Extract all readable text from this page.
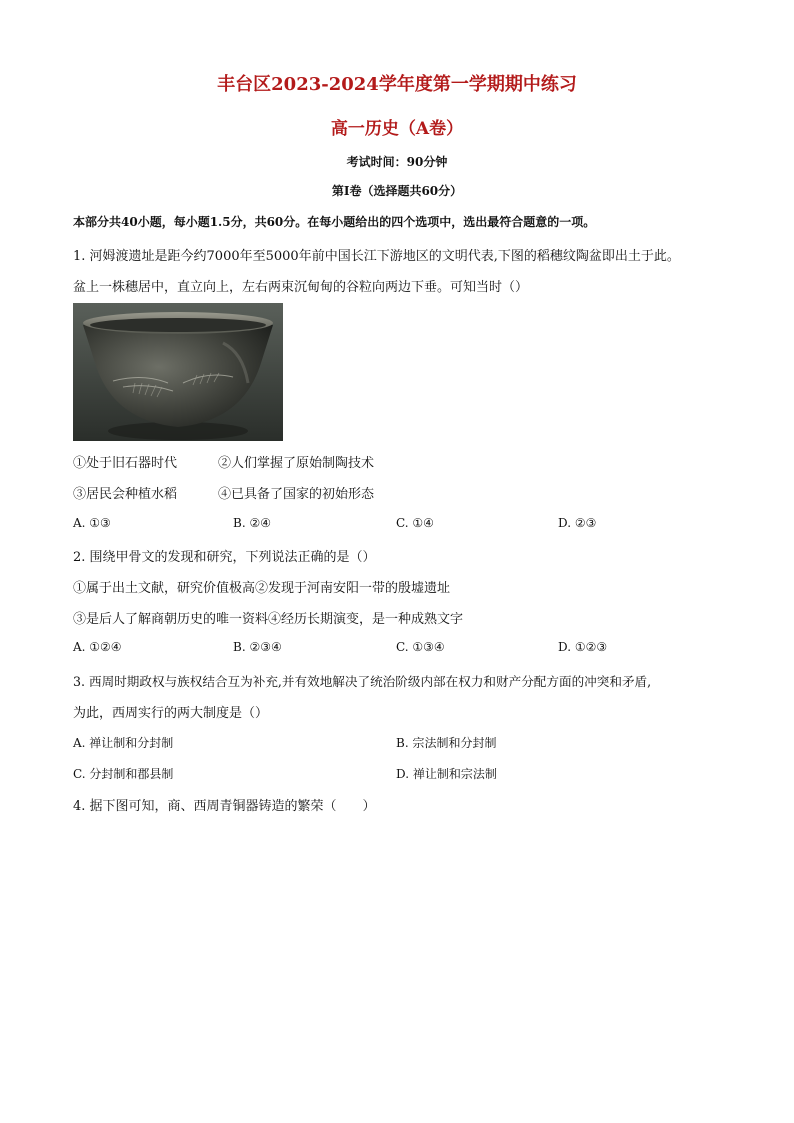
丰台区2023-2024学年度第一学期期中练习
高一历史（A卷）
考试时间：90分钟
第Ⅰ卷（选择题共60分）
本部分共40小题，每小题1.5分，共60分。在每小题给出的四个选项中，选出最符合题意的一项。
1. 河姆渡遗址是距今约7000年至5000年前中国长江下游地区的文明代表,下图的稻穗纹陶盆即出土于此。
盆上一株穗居中，直立向上，左右两束沉甸甸的谷粒向两边下垂。可知当时（）
①处于旧石器时代	②人们掌握了原始制陶技术
③居民会种植水稻	④已具备了国家的初始形态
A. ①③	B. ②④	C. ①④	D. ②③
2. 围绕甲骨文的发现和研究，下列说法正确的是（）
①属于出土文献，研究价值极高②发现于河南安阳一带的殷墟遗址
③是后人了解商朝历史的唯一资料④经历长期演变，是一种成熟文字
A. ①②④	B. ②③④	C. ①③④	D. ①②③
3. 西周时期政权与族权结合互为补充,并有效地解决了统治阶级内部在权力和财产分配方面的冲突和矛盾,
为此，西周实行的两大制度是（）
A. 禅让制和分封制	B. 宗法制和分封制
C. 分封制和郡县制	D. 禅让制和宗法制
4. 据下图可知，商、西周青铜器铸造的繁荣（　　）
